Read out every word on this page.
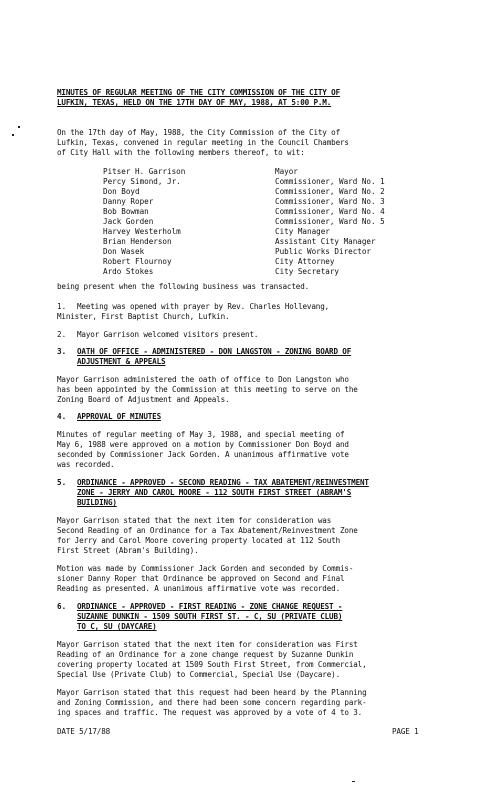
MINUTES OF REGULAR MEETING OF THE CITY COMMISSION OF THE CITY OF
LUFKIN, TEXAS, HELD ON THE 17TH DAY OF MAY, 1988, AT 5:00 P.M.
On the 17th day of May, 1988, the City Commission of the City of
Lufkin, Texas, convened in regular meeting in the Council Chambers
of City Hall with the following members thereof, to wit:
Pitser H. Garrison	Mayor
Percy Simond, Jr.	Commissioner, Ward No. 1
Don Boyd	Commissioner, Ward No. 2
Danny Roper	Commissioner, Ward No. 3
Bob Bowman	Commissioner, Ward No. 4
Jack Gorden	Commissioner, Ward No. 5
Harvey Westerholm	City Manager
Brian Henderson	Assistant City Manager
Don Wasek	Public Works Director
Robert Flournoy	City Attorney
Ardo Stokes	City Secretary
being present when the following business was transacted.
1. Meeting was opened with prayer by Rev. Charles Hollevang,
Minister, First Baptist Church, Lufkin.
2. Mayor Garrison welcomed visitors present.
3. OATH OF OFFICE - ADMINISTERED - DON LANGSTON - ZONING BOARD OF
ADJUSTMENT & APPEALS
Mayor Garrison administered the oath of office to Don Langston who
has been appointed by the Commission at this meeting to serve on the
Zoning Board of Adjustment and Appeals.
4. APPROVAL OF MINUTES
Minutes of regular meeting of May 3, 1988, and special meeting of
May 6, 1988 were approved on a motion by Commissioner Don Boyd and
seconded by Commissioner Jack Gorden. A unanimous affirmative vote
was recorded.
5. ORDINANCE - APPROVED - SECOND READING - TAX ABATEMENT/REINVESTMENT
ZONE - JERRY AND CAROL MOORE - 112 SOUTH FIRST STREET (ABRAM'S
BUILDING)
Mayor Garrison stated that the next item for consideration was
Second Reading of an Ordinance for a Tax Abatement/Reinvestment Zone
for Jerry and Carol Moore covering property located at 112 South
First Street (Abram's Building).
Motion was made by Commissioner Jack Gorden and seconded by Commis-
sioner Danny Roper that Ordinance be approved on Second and Final
Reading as presented. A unanimous affirmative vote was recorded.
6. ORDINANCE - APPROVED - FIRST READING - ZONE CHANGE REQUEST -
SUZANNE DUNKIN - 1509 SOUTH FIRST ST. - C, SU (PRIVATE CLUB)
TO C, SU (DAYCARE)
Mayor Garrison stated that the next item for consideration was First
Reading of an Ordinance for a zone change request by Suzanne Dunkin
covering property located at 1509 South First Street, from Commercial,
Special Use (Private Club) to Commercial, Special Use (Daycare).
Mayor Garrison stated that this request had been heard by the Planning
and Zoning Commission, and there had been some concern regarding park-
ing spaces and traffic. The request was approved by a vote of 4 to 3.
DATE 5/17/88	PAGE 1
